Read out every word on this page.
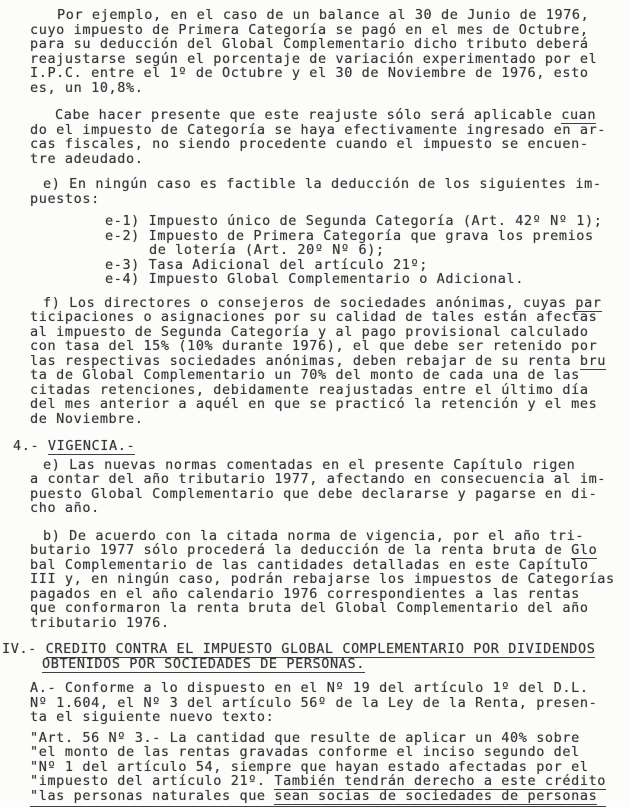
Por ejemplo, en el caso de un balance al 30 de Junio de 1976,
cuyo impuesto de Primera Categoría se pagó en el mes de Octubre,
para su deducción del Global Complementario dicho tributo deberá
reajustarse según el porcentaje de variación experimentado por el
I.P.C. entre el 1º de Octubre y el 30 de Noviembre de 1976, esto
es, un 10,8%.
Cabe hacer presente que este reajuste sólo será aplicable cuan
do el impuesto de Categoría se haya efectivamente ingresado en ar-
cas fiscales, no siendo procedente cuando el impuesto se encuen-
tre adeudado.
e) En ningún caso es factible la deducción de los siguientes im-
puestos:
e-1) Impuesto único de Segunda Categoría (Art. 42º Nº 1);
e-2) Impuesto de Primera Categoría que grava los premios
de lotería (Art. 20º Nº 6);
e-3) Tasa Adicional del artículo 21º;
e-4) Impuesto Global Complementario o Adicional.
f) Los directores o consejeros de sociedades anónimas, cuyas par
ticipaciones o asignaciones por su calidad de tales están afectas
al impuesto de Segunda Categoría y al pago provisional calculado
con tasa del 15% (10% durante 1976), el que debe ser retenido por
las respectivas sociedades anónimas, deben rebajar de su renta bru
ta de Global Complementario un 70% del monto de cada una de las
citadas retenciones, debidamente reajustadas entre el último día
del mes anterior a aquél en que se practicó la retención y el mes
de Noviembre.
4.- VIGENCIA.-
e) Las nuevas normas comentadas en el presente Capítulo rigen
a contar del año tributario 1977, afectando en consecuencia al im-
puesto Global Complementario que debe declararse y pagarse en di-
cho año.
b) De acuerdo con la citada norma de vigencia, por el año tri-
butario 1977 sólo procederá la deducción de la renta bruta de Glo
bal Complementario de las cantidades detalladas en este Capítulo
III y, en ningún caso, podrán rebajarse los impuestos de Categorías
pagados en el año calendario 1976 correspondientes a las rentas
que conformaron la renta bruta del Global Complementario del año
tributario 1976.
IV.- CREDITO CONTRA EL IMPUESTO GLOBAL COMPLEMENTARIO POR DIVIDENDOS
OBTENIDOS POR SOCIEDADES DE PERSONAS.
A.- Conforme a lo dispuesto en el Nº 19 del artículo 1º del D.L.
Nº 1.604, el Nº 3 del artículo 56º de la Ley de la Renta, presen-
ta el siguiente nuevo texto:
"Art. 56 Nº 3.- La cantidad que resulte de aplicar un 40% sobre
"el monto de las rentas gravadas conforme el inciso segundo del
"Nº 1 del artículo 54, siempre que hayan estado afectadas por el
"impuesto del artículo 21º. También tendrán derecho a este crédito
"las personas naturales que sean socias de sociedades de personas
